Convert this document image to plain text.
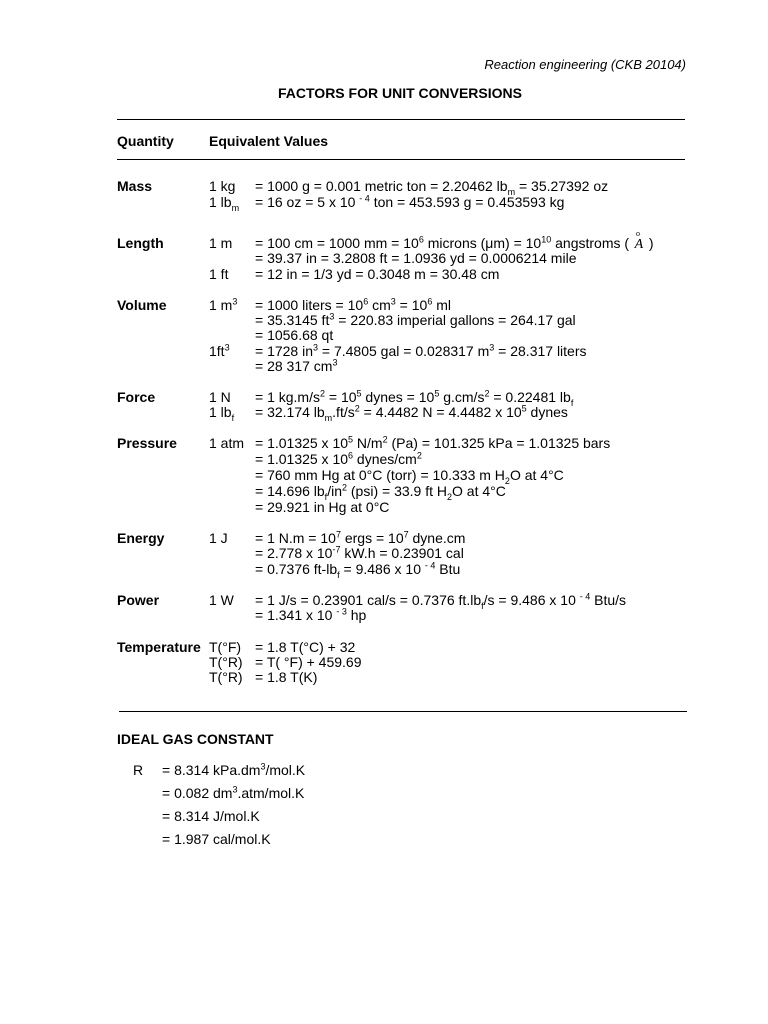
Reaction engineering (CKB 20104)
FACTORS FOR UNIT CONVERSIONS
Quantity	Equivalent Values
Mass	1 kg = 1000 g = 0.001 metric ton = 2.20462 $lb_m = 35.27392$ oz
1 $lb_m = 16$ oz = 5 x 10 $^{- 4}$ ton = 453.593 g = 0.453593 kg
Length	1 m = 100 cm = 1000 mm = $10^6$ microns $(\mu m) = 10^{10}$ angstroms (
o
A )
= 39.37 in = 3.2808 ft = 1.0936 yd = 0.0006214 mile
1 ft = 12 in = 1/3 yd = 0.3048 m = 30.48 cm
Volume	1 $m^3 = 1000$ liters = $10^6$ $cm^3 = 10^6$ ml
= 35.3145 $ft^3 = 220.83$ imperial gallons = 264.17 gal
= 1056.68 qt
$1ft^3 = 1728$ $in^3 = 7.4805$ gal = 0.028317 $m^3 = 28.317$ liters
= 28 317 $cm^3$
Force	1 N = 1 $kg.m/s^2 = 10^5$ dynes = $10^5$ $g.cm/s^2 = 0.22481$ $lb_f$
1 $lb_f = 32.174$ $lb_m.ft/s^2 = 4.4482$ N = 4.4482 x $10^5$ dynes
Pressure 1 atm = 1.01325 x $10^5$ $N/m^2$ (Pa) = 101.325 kPa = 1.01325 bars
= 1.01325 x $10^6$ dynes/$cm^2$
= 760 mm Hg at 0°C (torr) = 10.333 m $H_2O$ at 4°C
= 14.696 $lb_f/in^2$ (psi) = 33.9 ft $H_2O$ at 4°C
= 29.921 in Hg at 0°C
Energy	1 J = 1 $N.m = 10^7$ ergs = $10^7$ dyne.cm
= 2.778 x $10^{-7}$ kW.h = 0.23901 cal
= 0.7376 $ft-lb_f = 9.486$ x 10 $^{- 4}$ Btu
Power	1 W = 1 J/s = 0.23901 cal/s = 0.7376 $ft.lb_f/s = 9.486$ x 10 $^{- 4}$ Btu/s
= 1.341 x 10 $^{- 3}$ hp
Temperature T(°F) = 1.8 T(°C) + 32
T(°R) = T( °F) + 459.69
T(°R) = 1.8 T(K)
IDEAL GAS CONSTANT
R = 8.314 $kPa.dm^3/mol.K$
= 0.082 $dm^3.atm/mol.K$
= 8.314 J/mol.K
= 1.987 cal/mol.K
